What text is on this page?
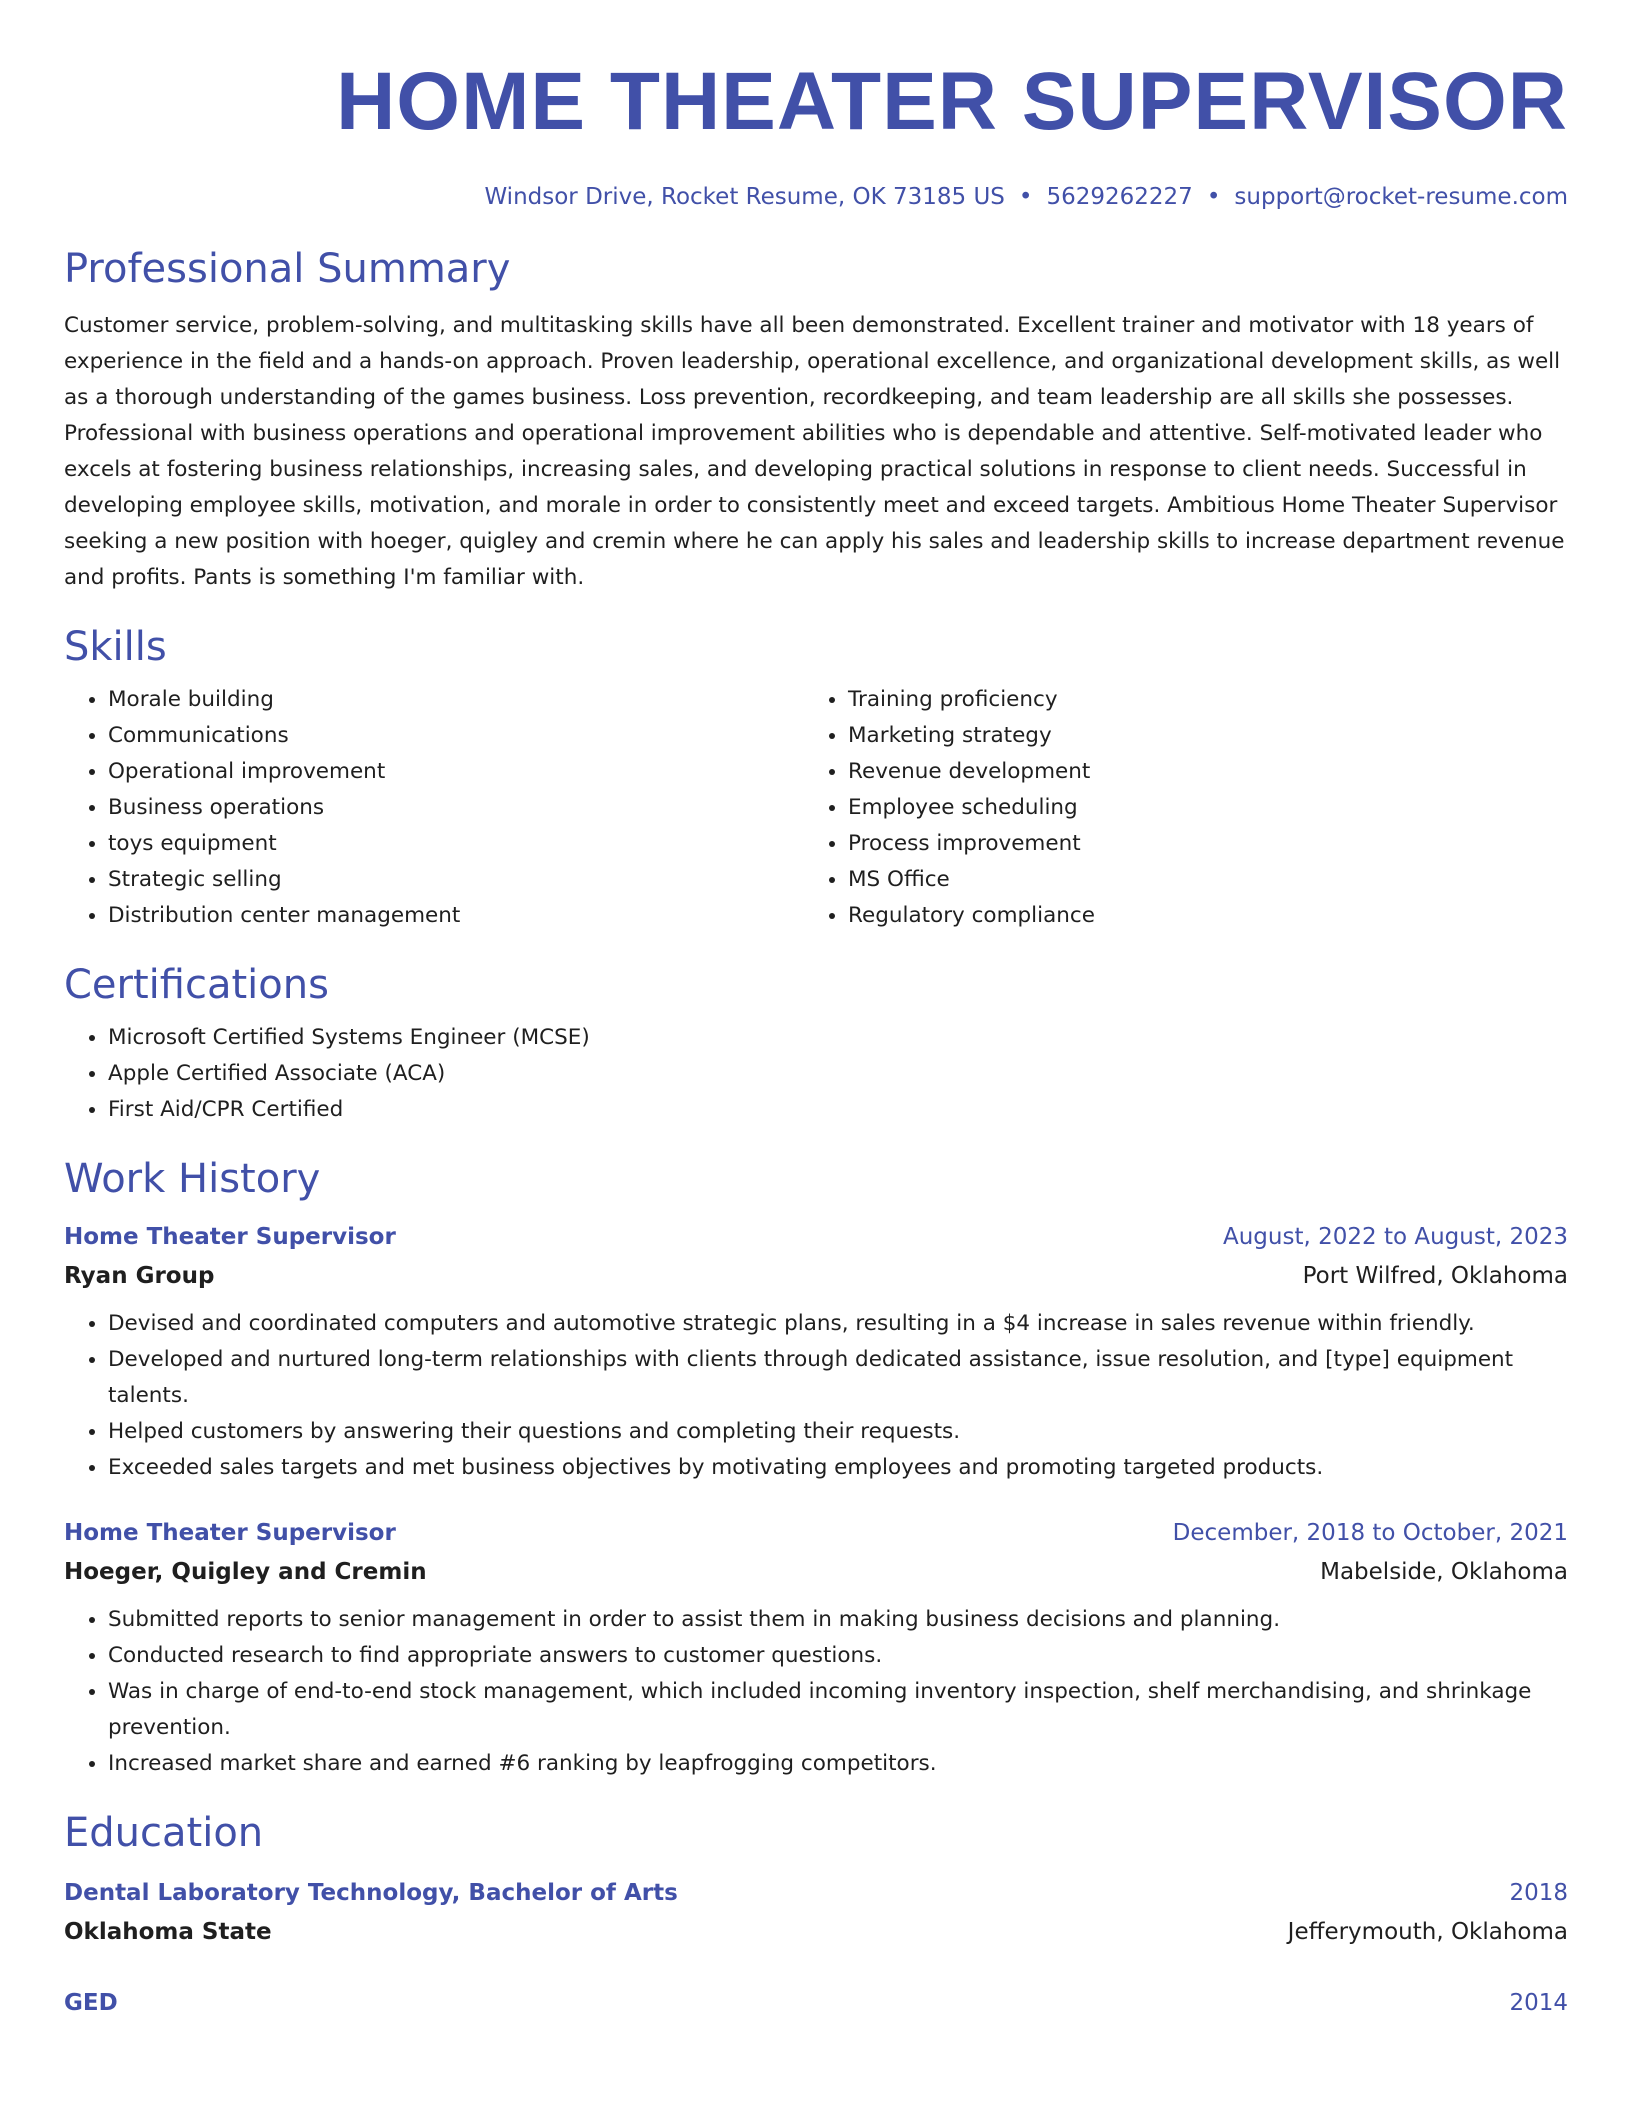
HOME THEATER SUPERVISOR
Windsor Drive, Rocket Resume, OK 73185 US • 5629262227 • support@rocket-resume.com
Professional Summary
Customer service, problem-solving, and multitasking skills have all been demonstrated. Excellent trainer and motivator with 18 years of experience in the field and a hands-on approach. Proven leadership, operational excellence, and organizational development skills, as well as a thorough understanding of the games business. Loss prevention, recordkeeping, and team leadership are all skills she possesses. Professional with business operations and operational improvement abilities who is dependable and attentive. Self-motivated leader who excels at fostering business relationships, increasing sales, and developing practical solutions in response to client needs. Successful in developing employee skills, motivation, and morale in order to consistently meet and exceed targets. Ambitious Home Theater Supervisor seeking a new position with hoeger, quigley and cremin where he can apply his sales and leadership skills to increase department revenue and profits. Pants is something I'm familiar with.
Skills
• Morale building
• Communications
• Operational improvement
• Business operations
• toys equipment
• Strategic selling
• Distribution center management
• Training proficiency
• Marketing strategy
• Revenue development
• Employee scheduling
• Process improvement
• MS Office
• Regulatory compliance
Certifications
• Microsoft Certified Systems Engineer (MCSE)
• Apple Certified Associate (ACA)
• First Aid/CPR Certified
Work History
Home Theater Supervisor	August, 2022 to August, 2023
Ryan Group	Port Wilfred, Oklahoma
• Devised and coordinated computers and automotive strategic plans, resulting in a $4 increase in sales revenue within friendly.
• Developed and nurtured long-term relationships with clients through dedicated assistance, issue resolution, and [type] equipment talents.
• Helped customers by answering their questions and completing their requests.
• Exceeded sales targets and met business objectives by motivating employees and promoting targeted products.
Home Theater Supervisor	December, 2018 to October, 2021
Hoeger, Quigley and Cremin	Mabelside, Oklahoma
• Submitted reports to senior management in order to assist them in making business decisions and planning.
• Conducted research to find appropriate answers to customer questions.
• Was in charge of end-to-end stock management, which included incoming inventory inspection, shelf merchandising, and shrinkage prevention.
• Increased market share and earned #6 ranking by leapfrogging competitors.
Education
Dental Laboratory Technology, Bachelor of Arts	2018
Oklahoma State	Jefferymouth, Oklahoma
GED	2014
